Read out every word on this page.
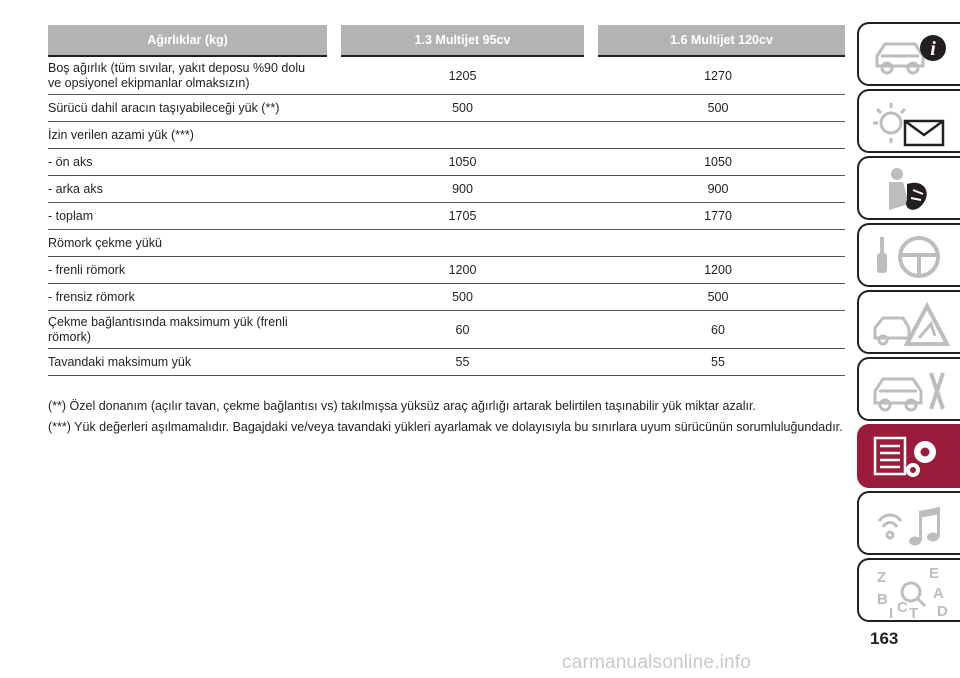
Ağırlıklar (kg)	1.3 Multijet 95cv	1.6 Multijet 120cv
Boş ağırlık (tüm sıvılar, yakıt deposu %90 dolu
ve opsiyonel ekipmanlar olmaksızın)	1205	1270
Sürücü dahil aracın taşıyabileceği yük (**)	500	500
İzin verilen azami yük (***)		
- ön aks	1050	1050
- arka aks	900	900
- toplam	1705	1770
Römork çekme yükü		
- frenli römork	1200	1200
- frensiz römork	500	500
Çekme bağlantısında maksimum yük (frenli
römork)	60	60
Tavandaki maksimum yük	55	55

(**) Özel donanım (açılır tavan, çekme bağlantısı vs) takılmışsa yüksüz araç ağırlığı artarak belirtilen taşınabilir yük miktar azalır.

(***) Yük değerleri aşılmamalıdır. Bagajdaki ve/veya tavandaki yükleri ayarlamak ve dolayısıyla bu sınırlara uyum sürücünün sorumluluğundadır.

i
Z	E
B	A
D
C T
I
163
carmanualsonline.info
